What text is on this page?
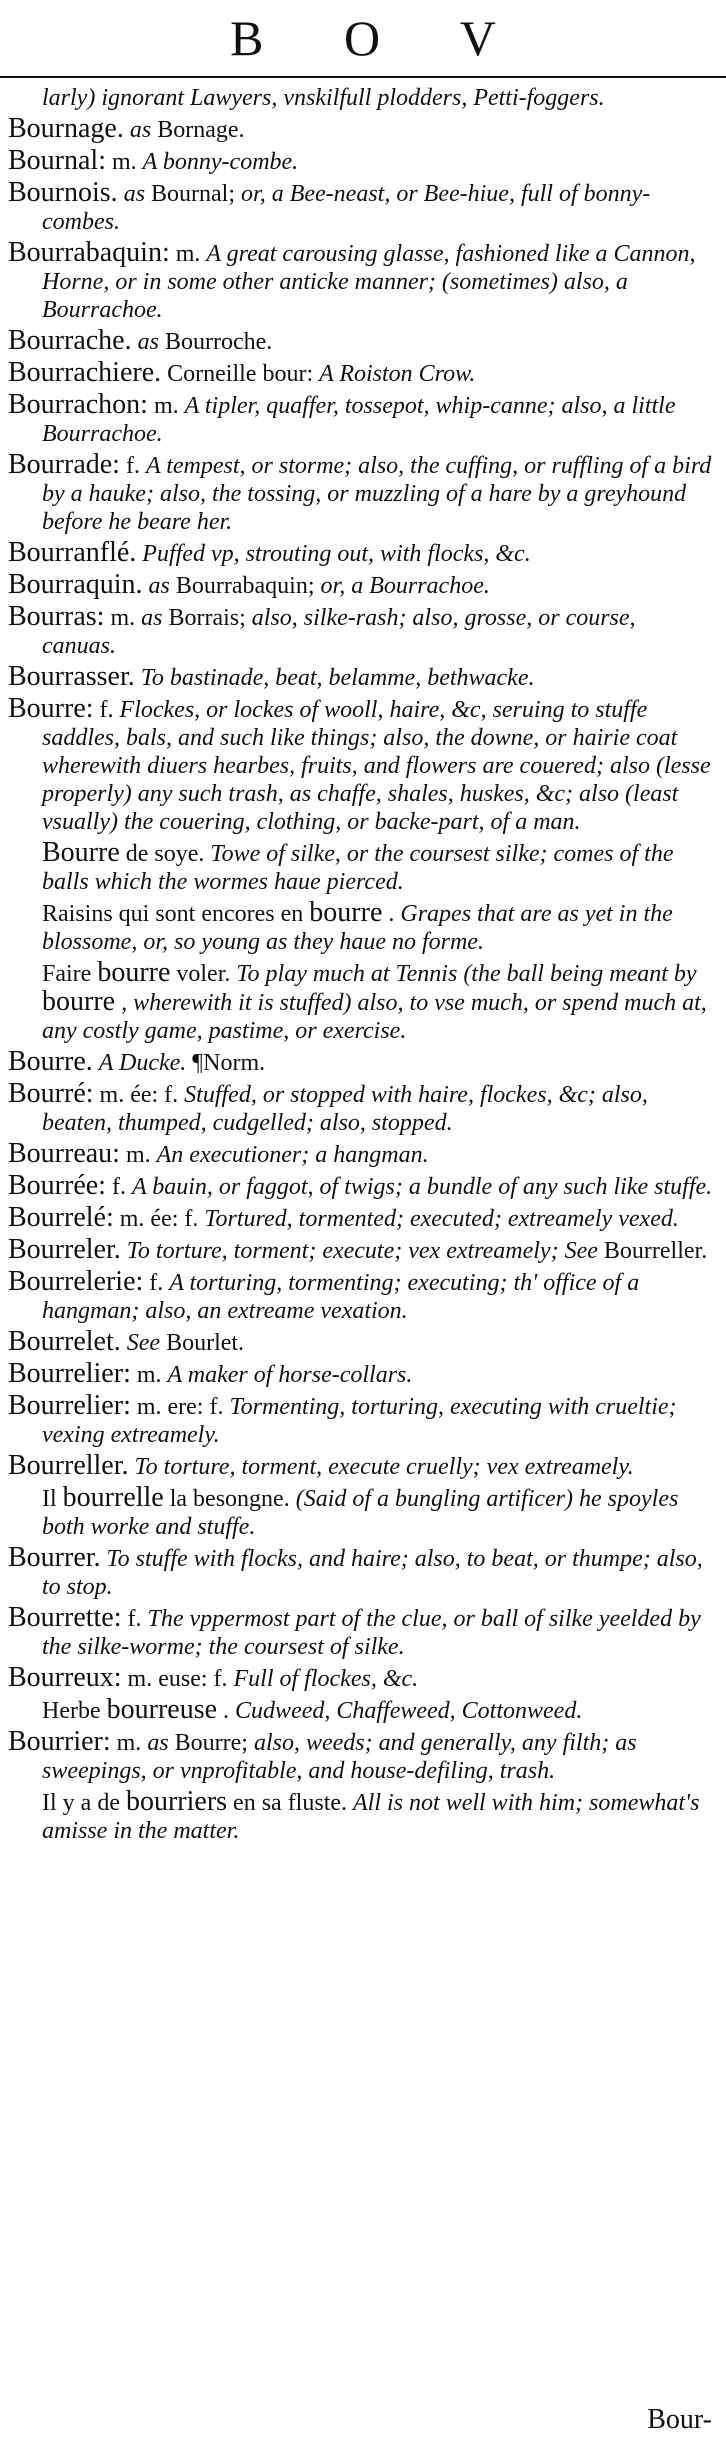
B O V
larly) ignorant Lawyers, vnskilfull plodders, Petti-foggers.
Bournage. as Bornage.
Bournal: m. A bonny-combe.
Bournois. as Bournal; or, a Bee-neast, or Bee-hiue, full of bonny-combes.
Bourrabaquin: m. A great carousing glasse, fashioned like a Cannon, Horne, or in some other anticke manner; (sometimes) also, a Bourrachoe.
Bourrache. as Bourroche.
Bourrachiere. Corneille bour: A Roiston Crow.
Bourrachon: m. A tipler, quaffer, tossepot, whip-canne; also, a little Bourrachoe.
Bourrade: f. A tempest, or storme; also, the cuffing, or ruffling of a bird by a hauke; also, the tossing, or muzzling of a hare by a greyhound before he beare her.
Bourranflé. Puffed vp, strouting out, with flocks, &c.
Bourraquin. as Bourrabaquin; or, a Bourrachoe.
Bourras: m. as Borrais; also, silke-rash; also, grosse, or course, canuas.
Bourrasser. To bastinade, beat, belamme, bethwacke.
Bourre: f. Flockes, or lockes of wooll, haire, &c, seruing to stuffe saddles, bals, and such like things; also, the downe, or hairie coat wherewith diuers hearbes, fruits, and flowers are couered; also (lesse properly) any such trash, as chaffe, shales, huskes, &c; also (least vsually) the couering, clothing, or backe-part, of a man.
Bourre de soye. Towe of silke, or the coursest silke; comes of the balls which the wormes haue pierced.
Raisins qui sont encores en bourre . Grapes that are as yet in the blossome, or, so young as they haue no forme.
Faire bourre voler. To play much at Tennis (the ball being meant by bourre , wherewith it is stuffed) also, to vse much, or spend much at, any costly game, pastime, or exercise.
Bourre. A Ducke. ¶Norm.
Bourré: m. ée: f. Stuffed, or stopped with haire, flockes, &c; also, beaten, thumped, cudgelled; also, stopped.
Bourreau: m. An executioner; a hangman.
Bourrée: f. A bauin, or faggot, of twigs; a bundle of any such like stuffe.
Bourrelé: m. ée: f. Tortured, tormented; executed; extreamely vexed.
Bourreler. To torture, torment; execute; vex extreamely; See Bourreller.
Bourrelerie: f. A torturing, tormenting; executing; th' office of a hangman; also, an extreame vexation.
Bourrelet. See Bourlet.
Bourrelier: m. A maker of horse-collars.
Bourrelier: m. ere: f. Tormenting, torturing, executing with crueltie; vexing extreamely.
Bourreller. To torture, torment, execute cruelly; vex extreamely.
Il bourrelle la besongne. (Said of a bungling artificer) he spoyles both worke and stuffe.
Bourrer. To stuffe with flocks, and haire; also, to beat, or thumpe; also, to stop.
Bourrette: f. The vppermost part of the clue, or ball of silke yeelded by the silke-worme; the coursest of silke.
Bourreux: m. euse: f. Full of flockes, &c.
Herbe bourreuse . Cudweed, Chaffeweed, Cottonweed.
Bourrier: m. as Bourre; also, weeds; and generally, any filth; as sweepings, or vnprofitable, and house-defiling, trash.
Il y a de bourriers en sa fluste. All is not well with him; somewhat's amisse in the matter.
Bour-
